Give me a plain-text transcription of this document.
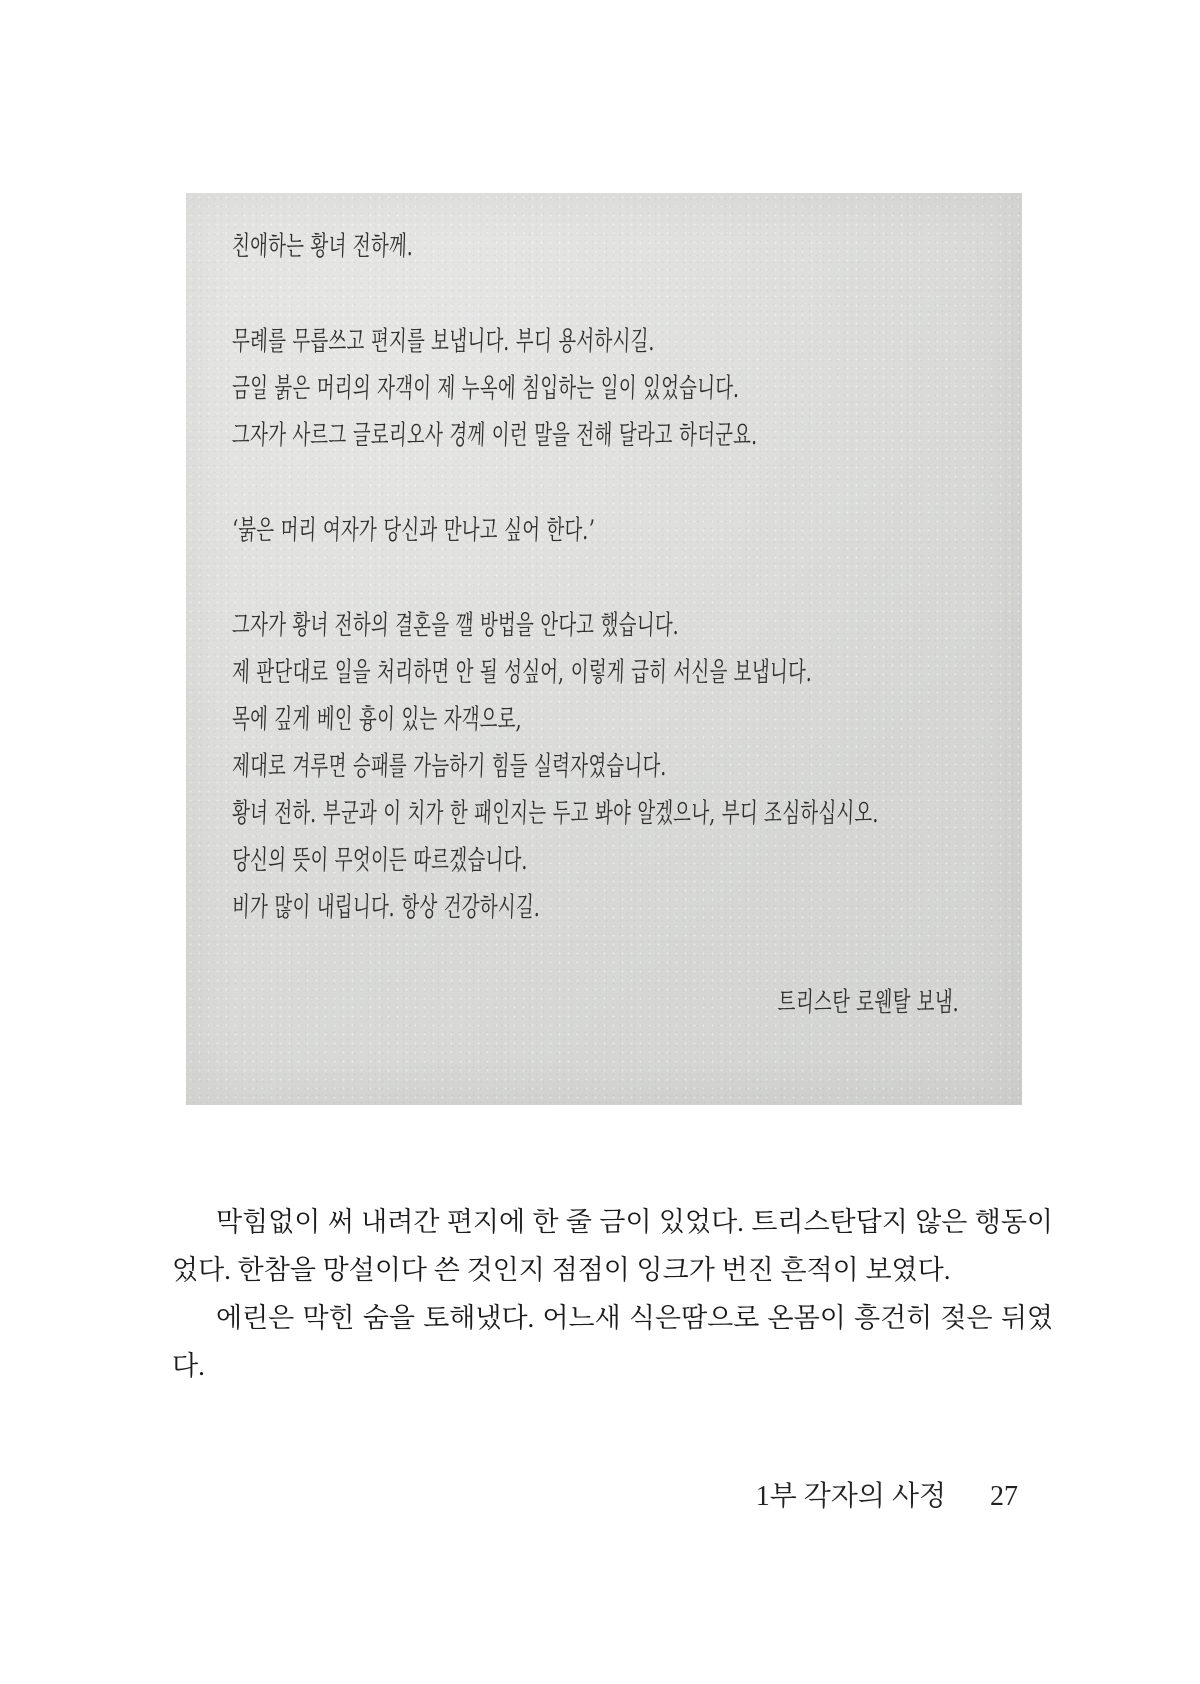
친애하는 황녀 전하께.
무례를 무릅쓰고 편지를 보냅니다. 부디 용서하시길.
금일 붉은 머리의 자객이 제 누옥에 침입하는 일이 있었습니다.
그자가 사르그 글로리오사 경께 이런 말을 전해 달라고 하더군요.
‘붉은 머리 여자가 당신과 만나고 싶어 한다.’
그자가 황녀 전하의 결혼을 깰 방법을 안다고 했습니다.
제 판단대로 일을 처리하면 안 될 성싶어, 이렇게 급히 서신을 보냅니다.
목에 깊게 베인 흉이 있는 자객으로,
제대로 겨루면 승패를 가늠하기 힘들 실력자였습니다.
황녀 전하. 부군과 이 치가 한 패인지는 두고 봐야 알겠으나, 부디 조심하십시오.
당신의 뜻이 무엇이든 따르겠습니다.
비가 많이 내립니다. 항상 건강하시길.
트리스탄 로웬탈 보냄.

막힘없이 써 내려간 편지에 한 줄 금이 있었다. 트리스탄답지 않은 행동이었다. 한참을 망설이다 쓴 것인지 점점이 잉크가 번진 흔적이 보였다.

에린은 막힌 숨을 토해냈다. 어느새 식은땀으로 온몸이 흥건히 젖은 뒤였다.

1부 각자의 사정 27
